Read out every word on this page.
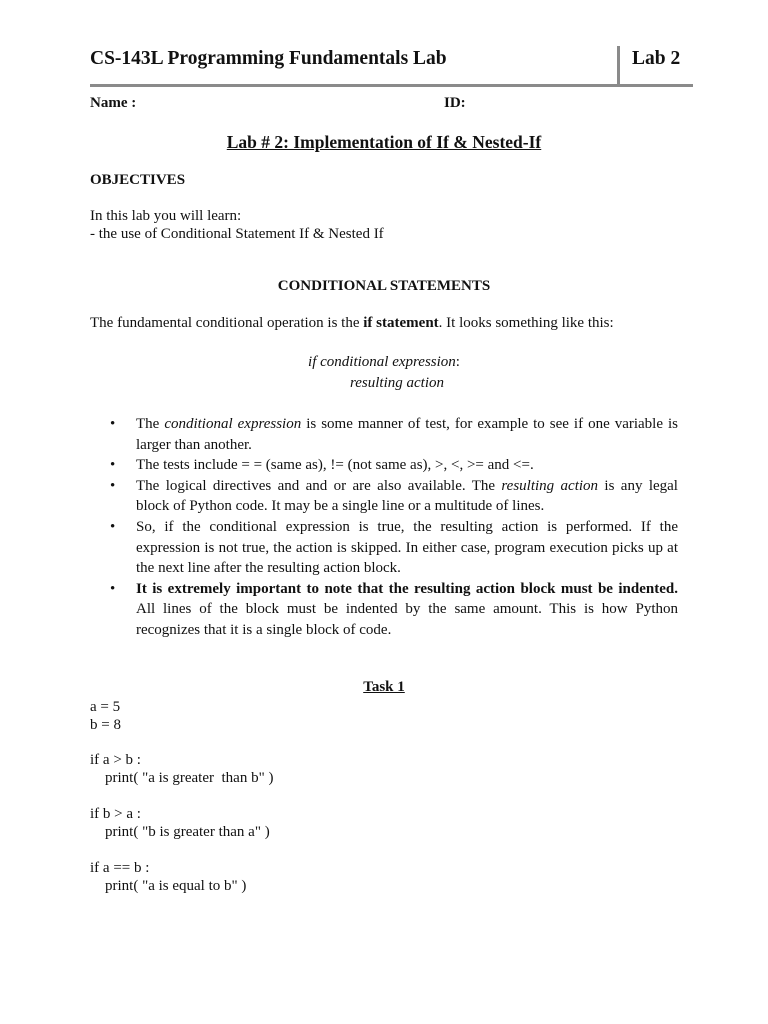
CS-143L Programming Fundamentals Lab	Lab 2
Name :	ID:
Lab # 2: Implementation of If & Nested-If
OBJECTIVES
In this lab you will learn:
- the use of Conditional Statement If & Nested If
CONDITIONAL STATEMENTS
The fundamental conditional operation is the if statement. It looks something like this:
if conditional expression:
resulting action
• The conditional expression is some manner of test, for example to see if one variable is larger than another.
• The tests include = = (same as), != (not same as), >, <, >= and <=.
• The logical directives and and or are also available. The resulting action is any legal block of Python code. It may be a single line or a multitude of lines.
• So, if the conditional expression is true, the resulting action is performed. If the expression is not true, the action is skipped. In either case, program execution picks up at the next line after the resulting action block.
• It is extremely important to note that the resulting action block must be indented. All lines of the block must be indented by the same amount. This is how Python recognizes that it is a single block of code.
Task 1
a = 5
b = 8
if a > b :
print( "a is greater  than b" )
if b > a :
print( "b is greater than a" )
if a == b :
print( "a is equal to b" )
